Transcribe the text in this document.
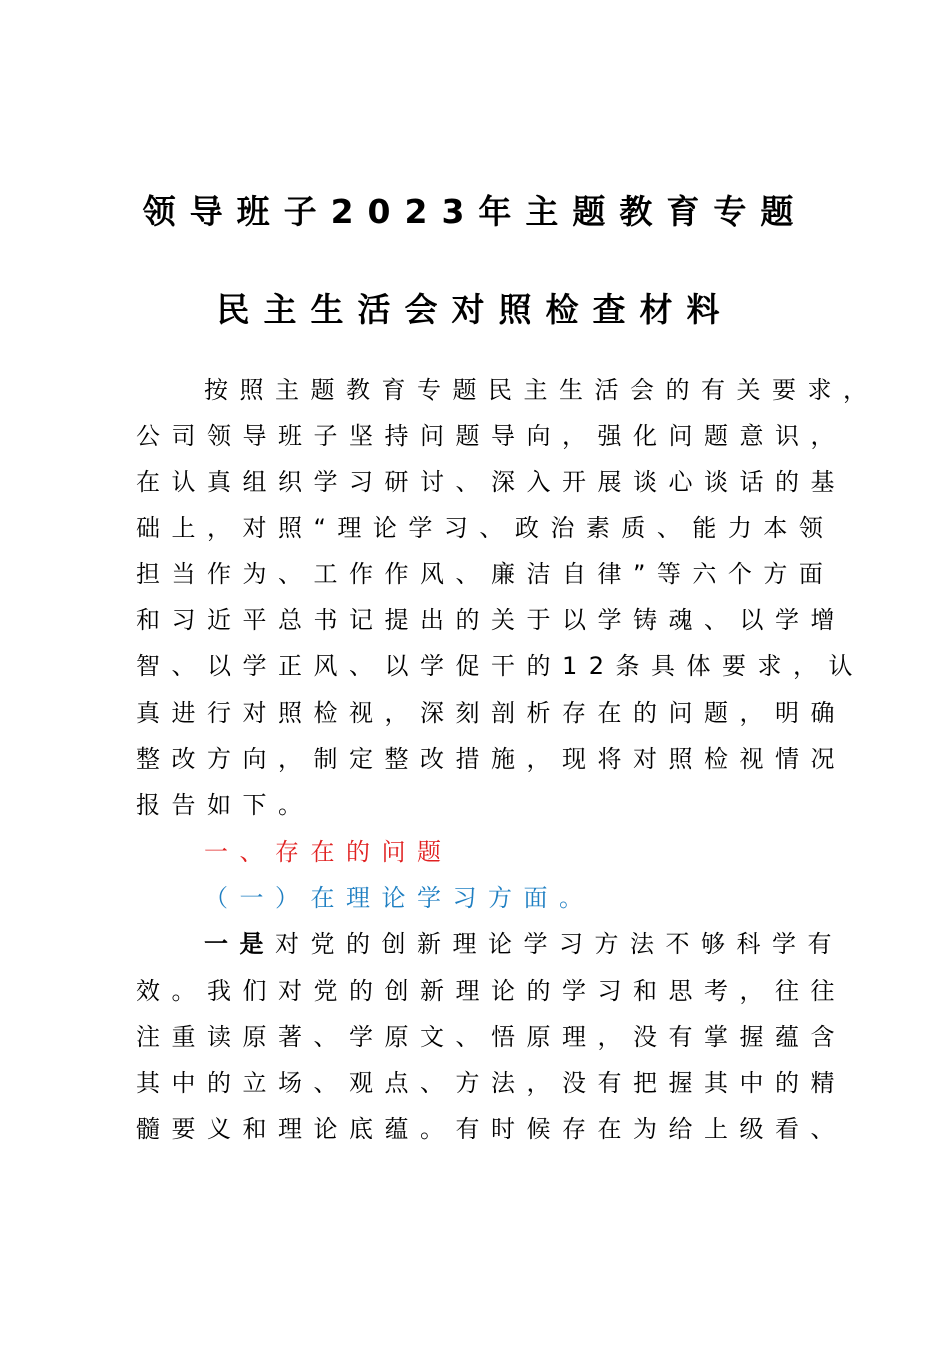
领导班子2023年主题教育专题
民主生活会对照检查材料
按照主题教育专题民主生活会的有关要求，
公司领导班子坚持问题导向，强化问题意识，
在认真组织学习研讨、深入开展谈心谈话的基
础上，对照“理论学习、政治素质、能力本领
担当作为、工作作风、廉洁自律”等六个方面
和习近平总书记提出的关于以学铸魂、以学增
智、以学正风、以学促干的12条具体要求，认
真进行对照检视，深刻剖析存在的问题，明确
整改方向，制定整改措施，现将对照检视情况
报告如下。
一、存在的问题
（一）在理论学习方面。
一是对党的创新理论学习方法不够科学有
效。我们对党的创新理论的学习和思考，往往
注重读原著、学原文、悟原理，没有掌握蕴含
其中的立场、观点、方法，没有把握其中的精
髓要义和理论底蕴。有时候存在为给上级看、
